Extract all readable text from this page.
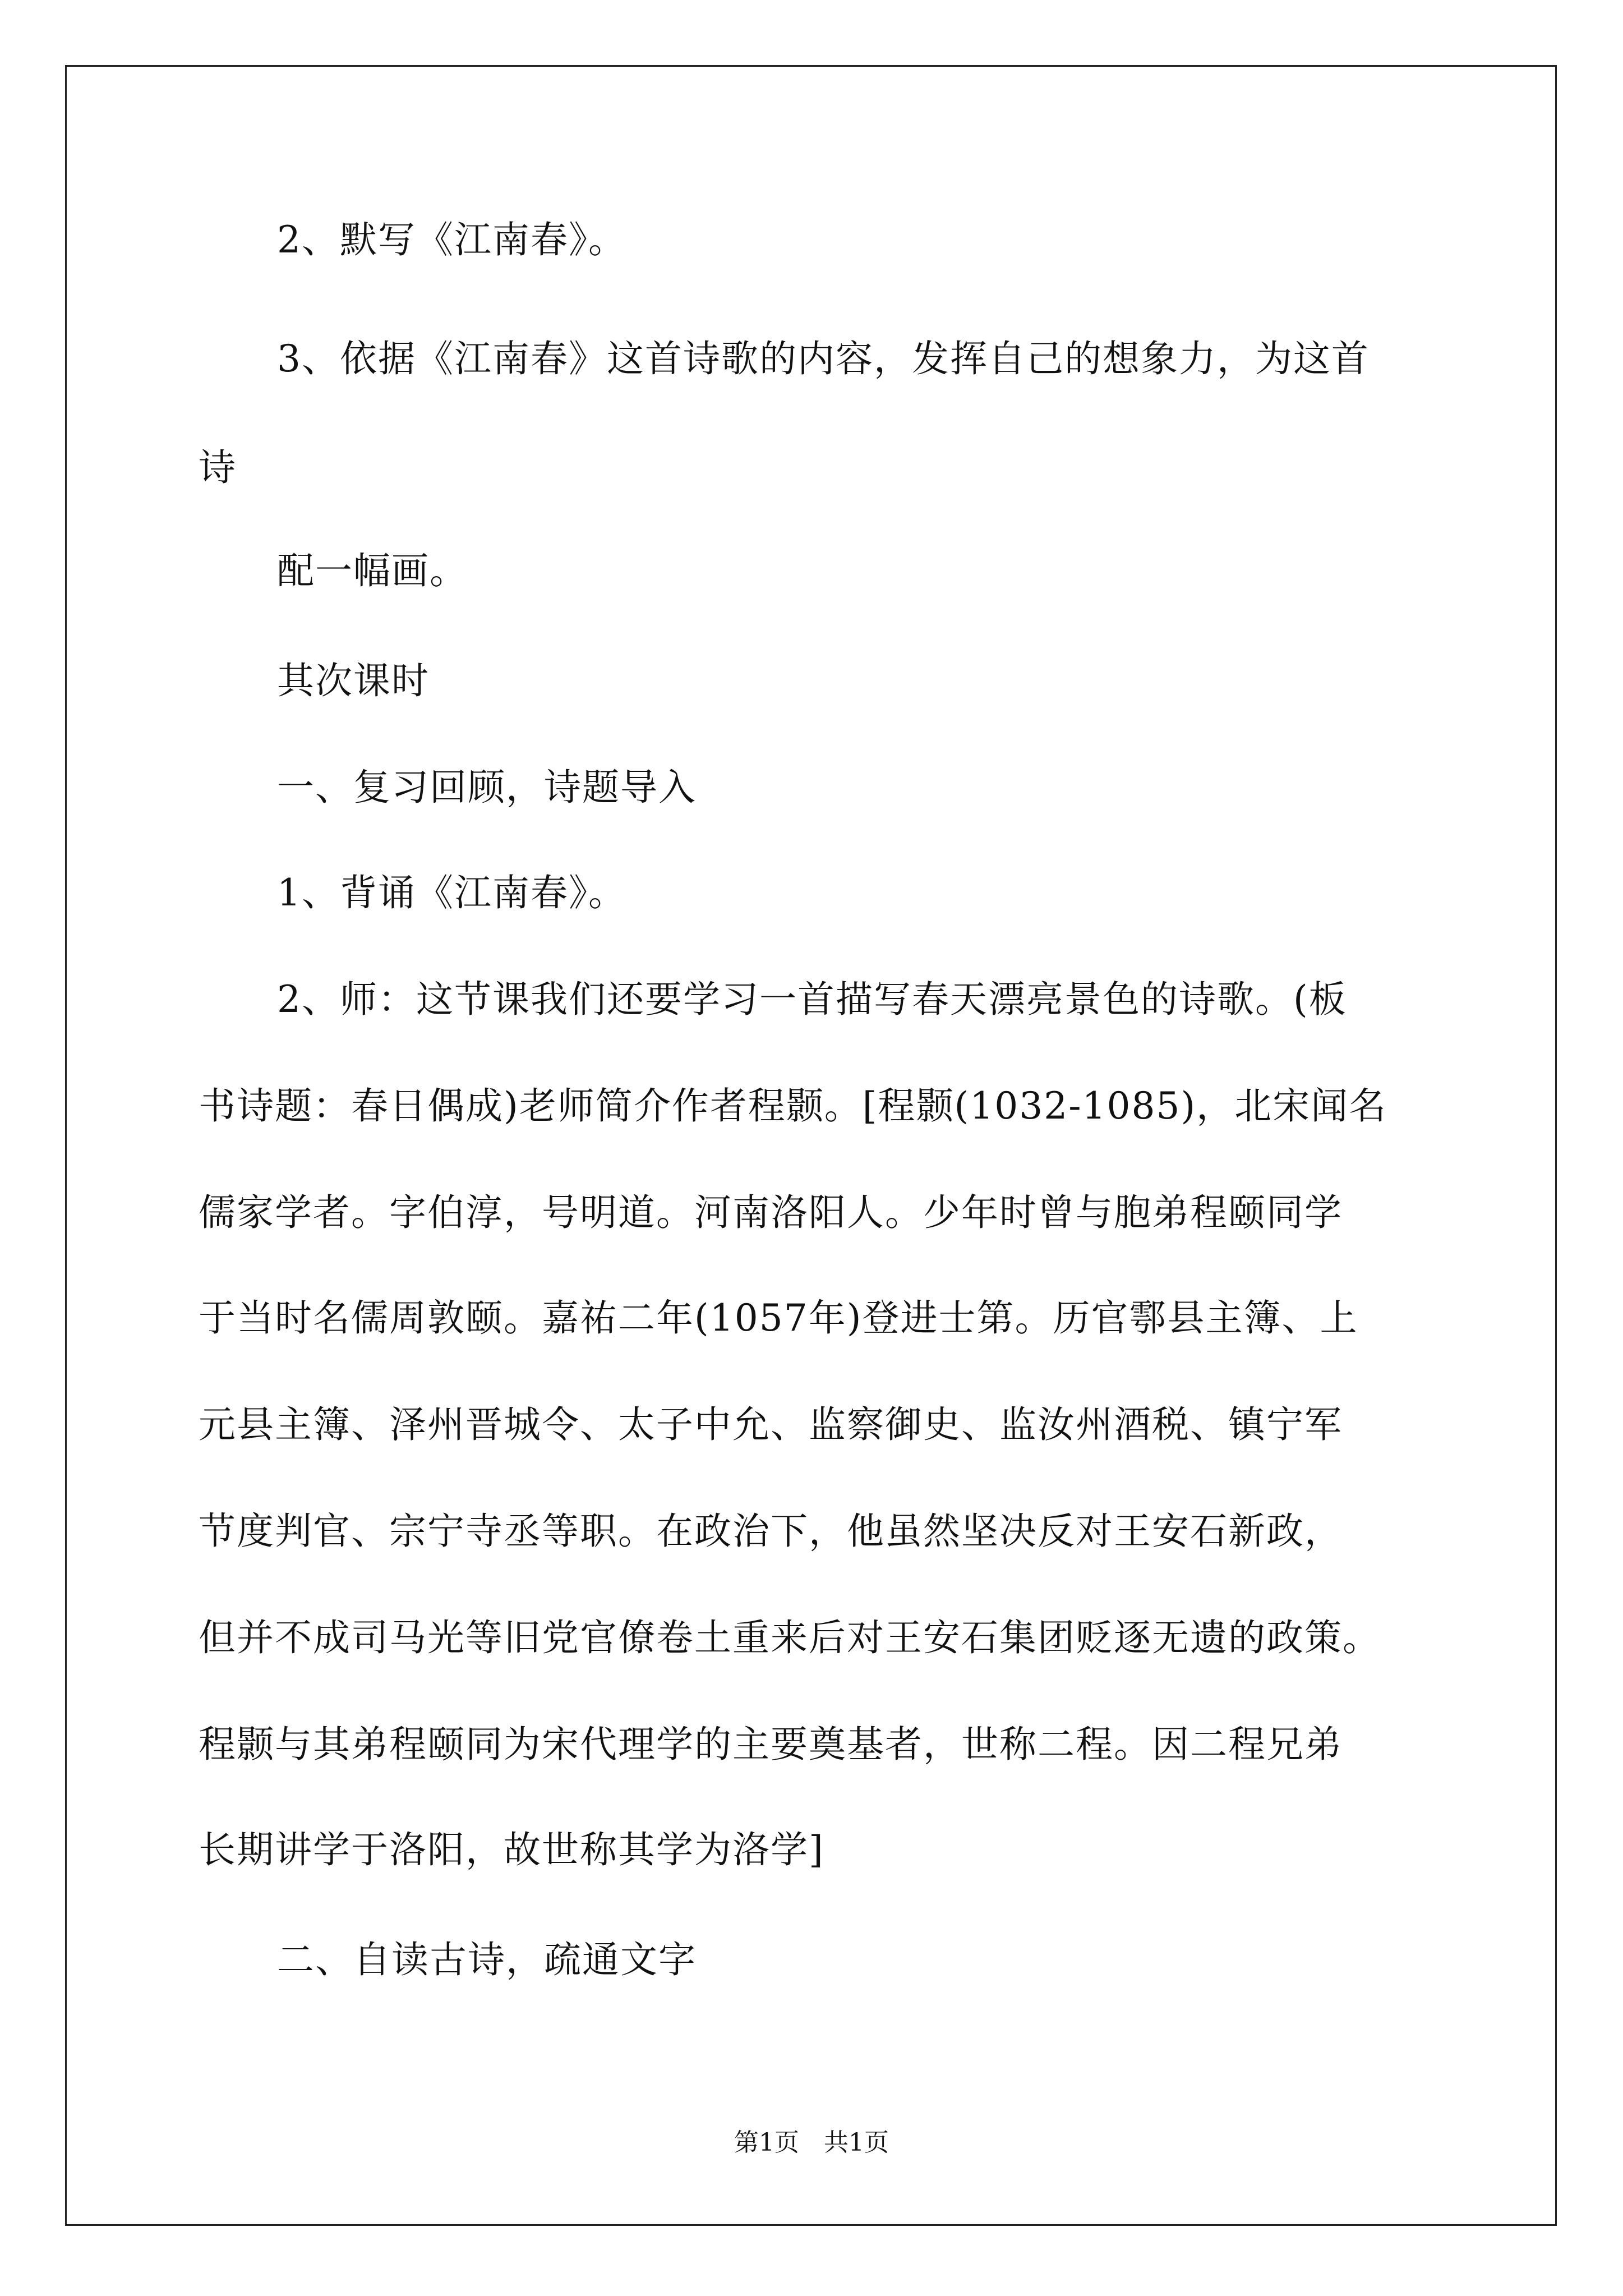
2、默写《江南春》。
3、依据《江南春》这首诗歌的内容，发挥自己的想象力，为这首
诗
配一幅画。
其次课时
一、复习回顾，诗题导入
1、背诵《江南春》。
2、师：这节课我们还要学习一首描写春天漂亮景色的诗歌。(板
书诗题：春日偶成)老师简介作者程颢。[程颢(1032-1085)，北宋闻名
儒家学者。字伯淳，号明道。河南洛阳人。少年时曾与胞弟程颐同学
于当时名儒周敦颐。嘉祐二年(1057年)登进士第。历官鄠县主簿、上
元县主簿、泽州晋城令、太子中允、监察御史、监汝州酒税、镇宁军
节度判官、宗宁寺丞等职。在政治下，他虽然坚决反对王安石新政，
但并不成司马光等旧党官僚卷土重来后对王安石集团贬逐无遗的政策。
程颢与其弟程颐同为宋代理学的主要奠基者，世称二程。因二程兄弟
长期讲学于洛阳，故世称其学为洛学]
二、自读古诗，疏通文字
第1页　共1页
